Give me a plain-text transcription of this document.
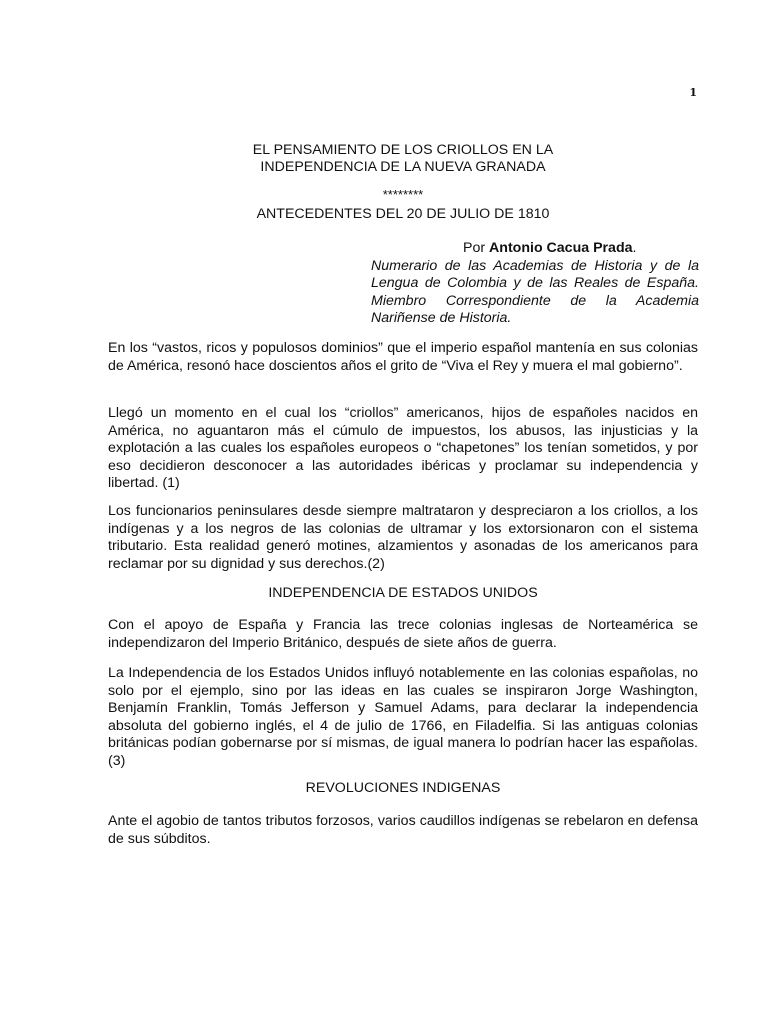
1
EL PENSAMIENTO DE LOS CRIOLLOS EN LA
INDEPENDENCIA DE LA NUEVA GRANADA
********
ANTECEDENTES DEL 20 DE JULIO DE 1810
Por Antonio Cacua Prada.
Numerario de las Academias de Historia y de la Lengua de Colombia y de las Reales de España. Miembro Correspondiente de la Academia Nariñense de Historia.

En los “vastos, ricos y populosos dominios” que el imperio español mantenía en sus colonias de América, resonó hace doscientos años el grito de “Viva el Rey y muera el mal gobierno”.

Llegó un momento en el cual los “criollos” americanos, hijos de españoles nacidos en América, no aguantaron más el cúmulo de impuestos, los abusos, las injusticias y la explotación a las cuales los españoles europeos o “chapetones” los tenían sometidos, y por eso decidieron desconocer a las autoridades ibéricas y proclamar su independencia y libertad. (1)

Los funcionarios peninsulares desde siempre maltrataron y despreciaron a los criollos, a los indígenas y a los negros de las colonias de ultramar y los extorsionaron con el sistema tributario. Esta realidad generó motines, alzamientos y asonadas de los americanos para reclamar por su dignidad y sus derechos.(2)

INDEPENDENCIA DE ESTADOS UNIDOS

Con el apoyo de España y Francia las trece colonias inglesas de Norteamérica se independizaron del Imperio Británico, después de siete años de guerra.

La Independencia de los Estados Unidos influyó notablemente en las colonias españolas, no solo por el ejemplo, sino por las ideas en las cuales se inspiraron Jorge Washington, Benjamín Franklin, Tomás Jefferson y Samuel Adams, para declarar la independencia absoluta del gobierno inglés, el 4 de julio de 1766, en Filadelfia. Si las antiguas colonias británicas podían gobernarse por sí mismas, de igual manera lo podrían hacer las españolas. (3)

REVOLUCIONES INDIGENAS

Ante el agobio de tantos tributos forzosos, varios caudillos indígenas se rebelaron en defensa de sus súbditos.
